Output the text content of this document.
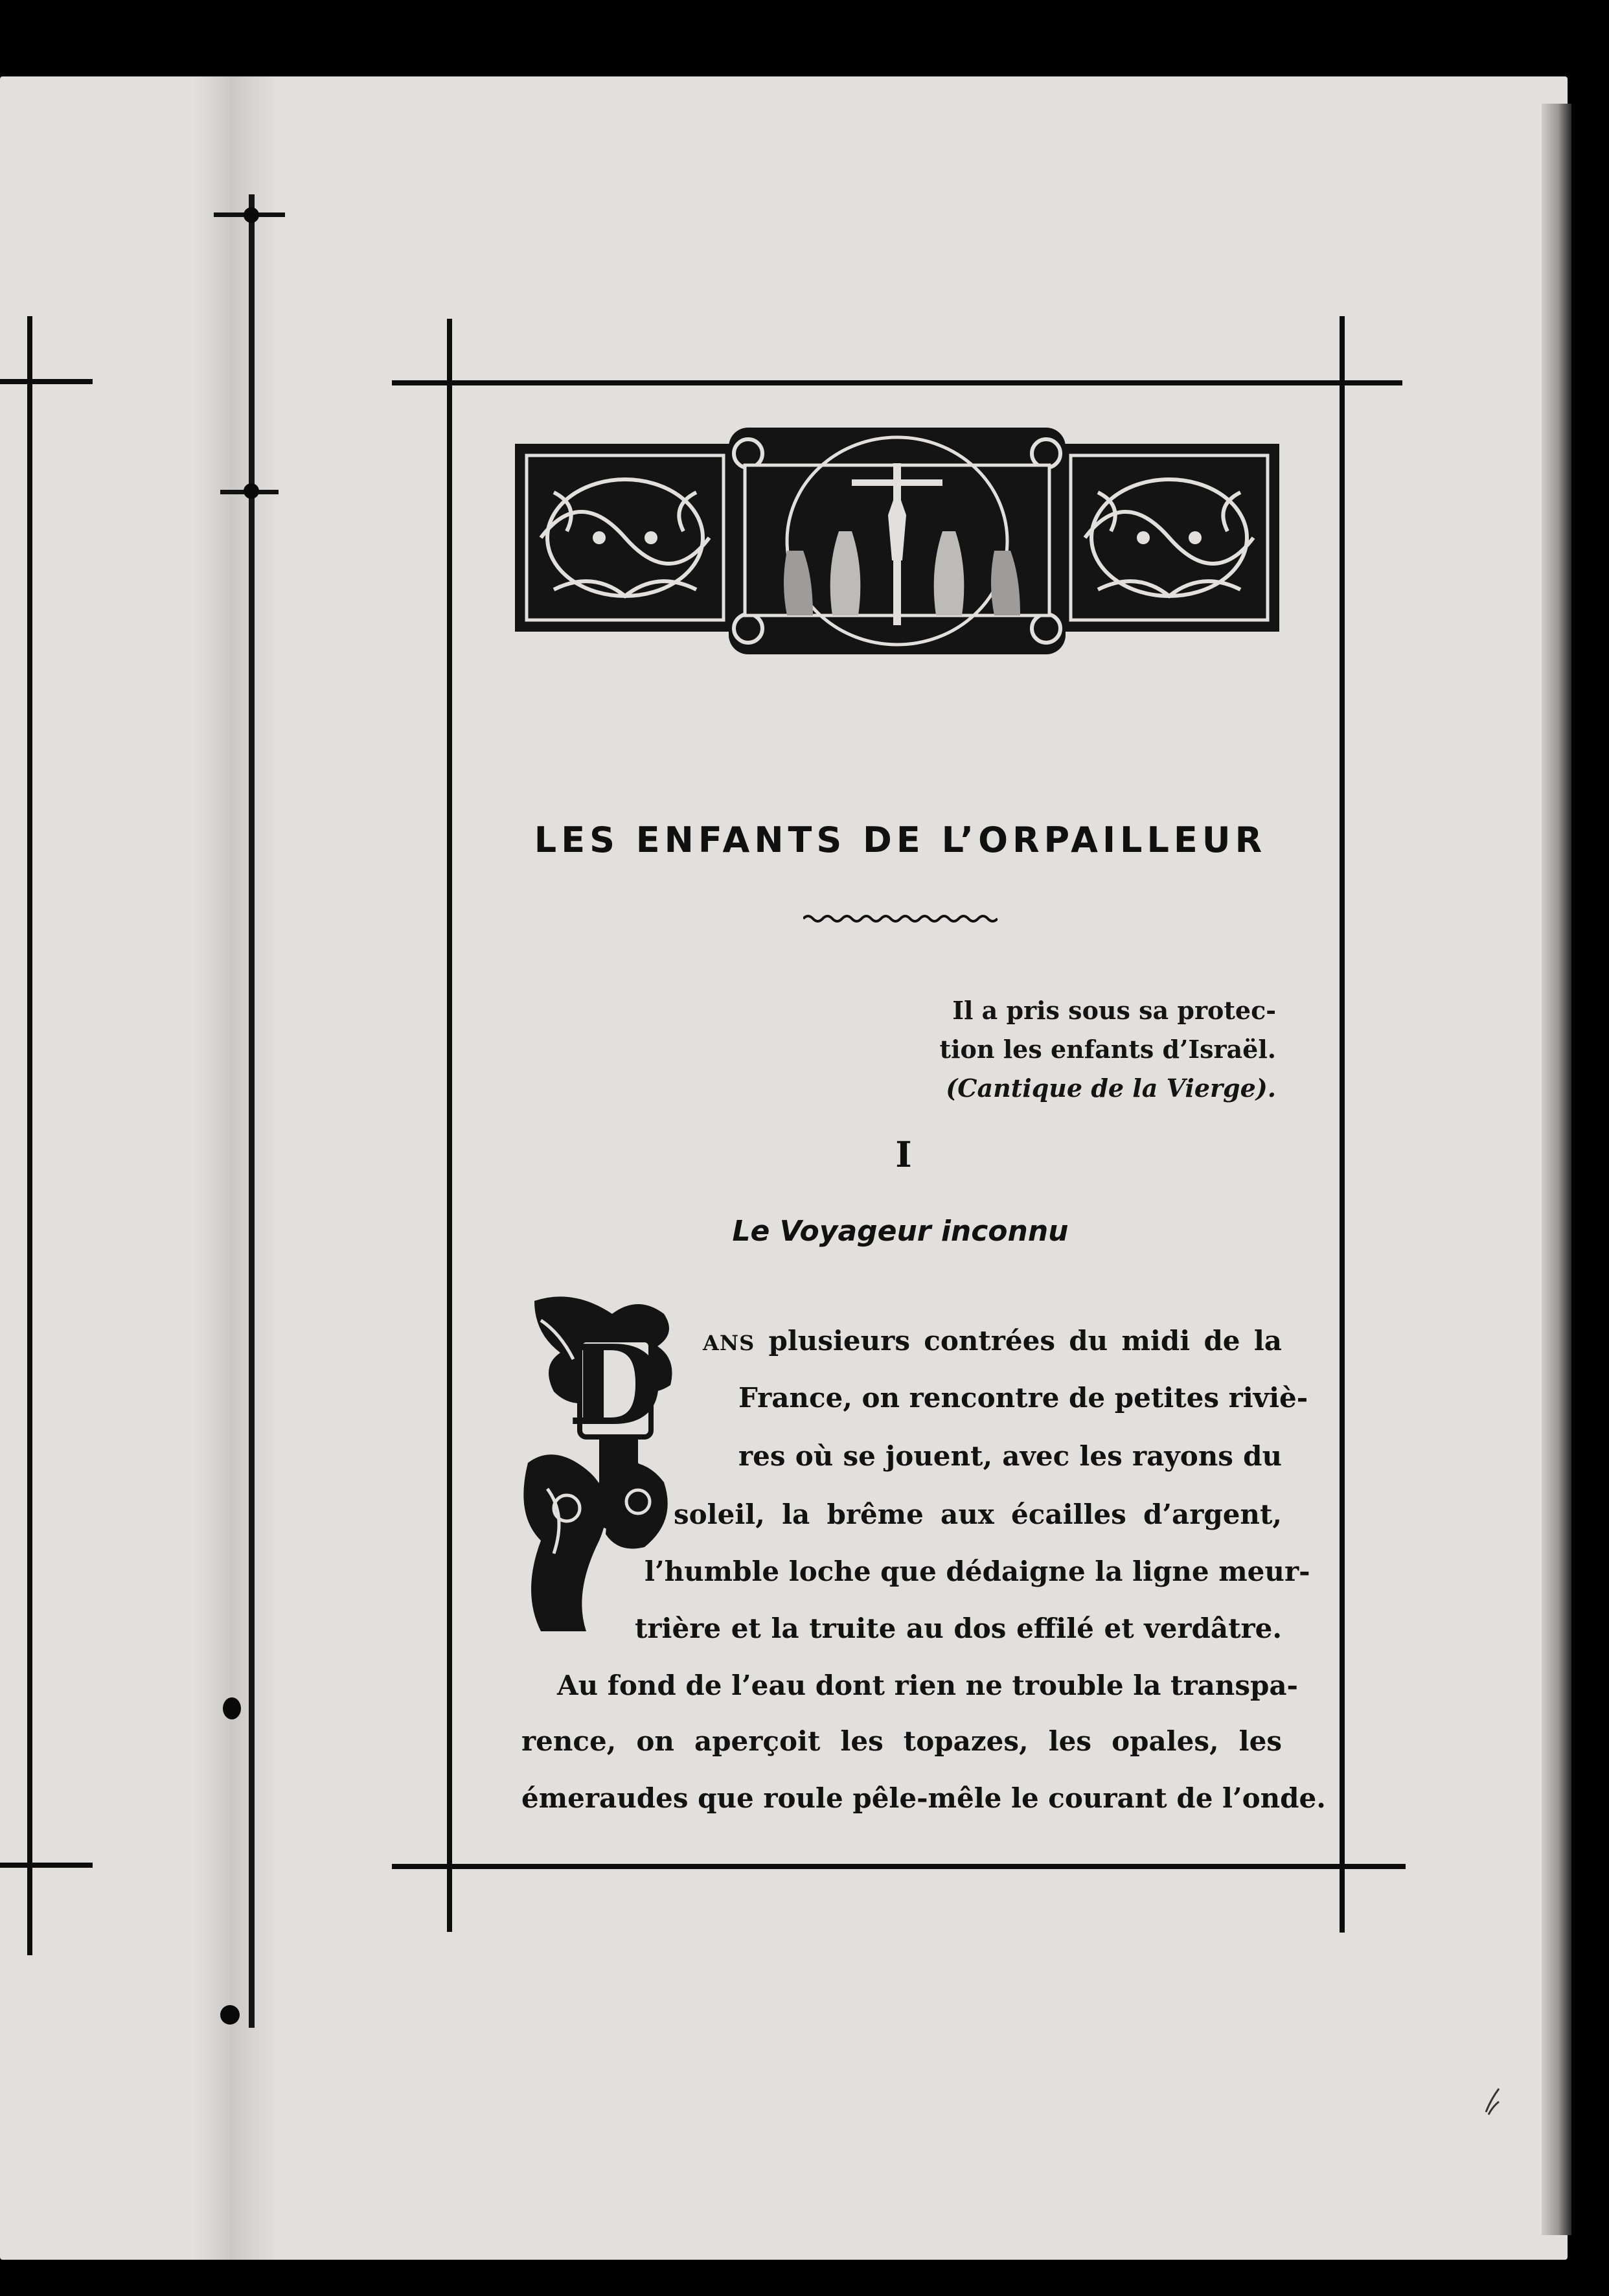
LES ENFANTS DE L’ORPAILLEUR
Il a pris sous sa protec-
tion les enfants d’Israël.
(Cantique de la Vierge).
I
Le Voyageur inconnu
D ANS plusieurs contrées du midi de la
France, on rencontre de petites riviè-
res où se jouent, avec les rayons du
soleil, la brême aux écailles d’argent,
l’humble loche que dédaigne la ligne meur-
trière et la truite au dos effilé et verdâtre.
Au fond de l’eau dont rien ne trouble la transpa-
rence, on aperçoit les topazes, les opales, les
émeraudes que roule pêle-mêle le courant de l’onde.
